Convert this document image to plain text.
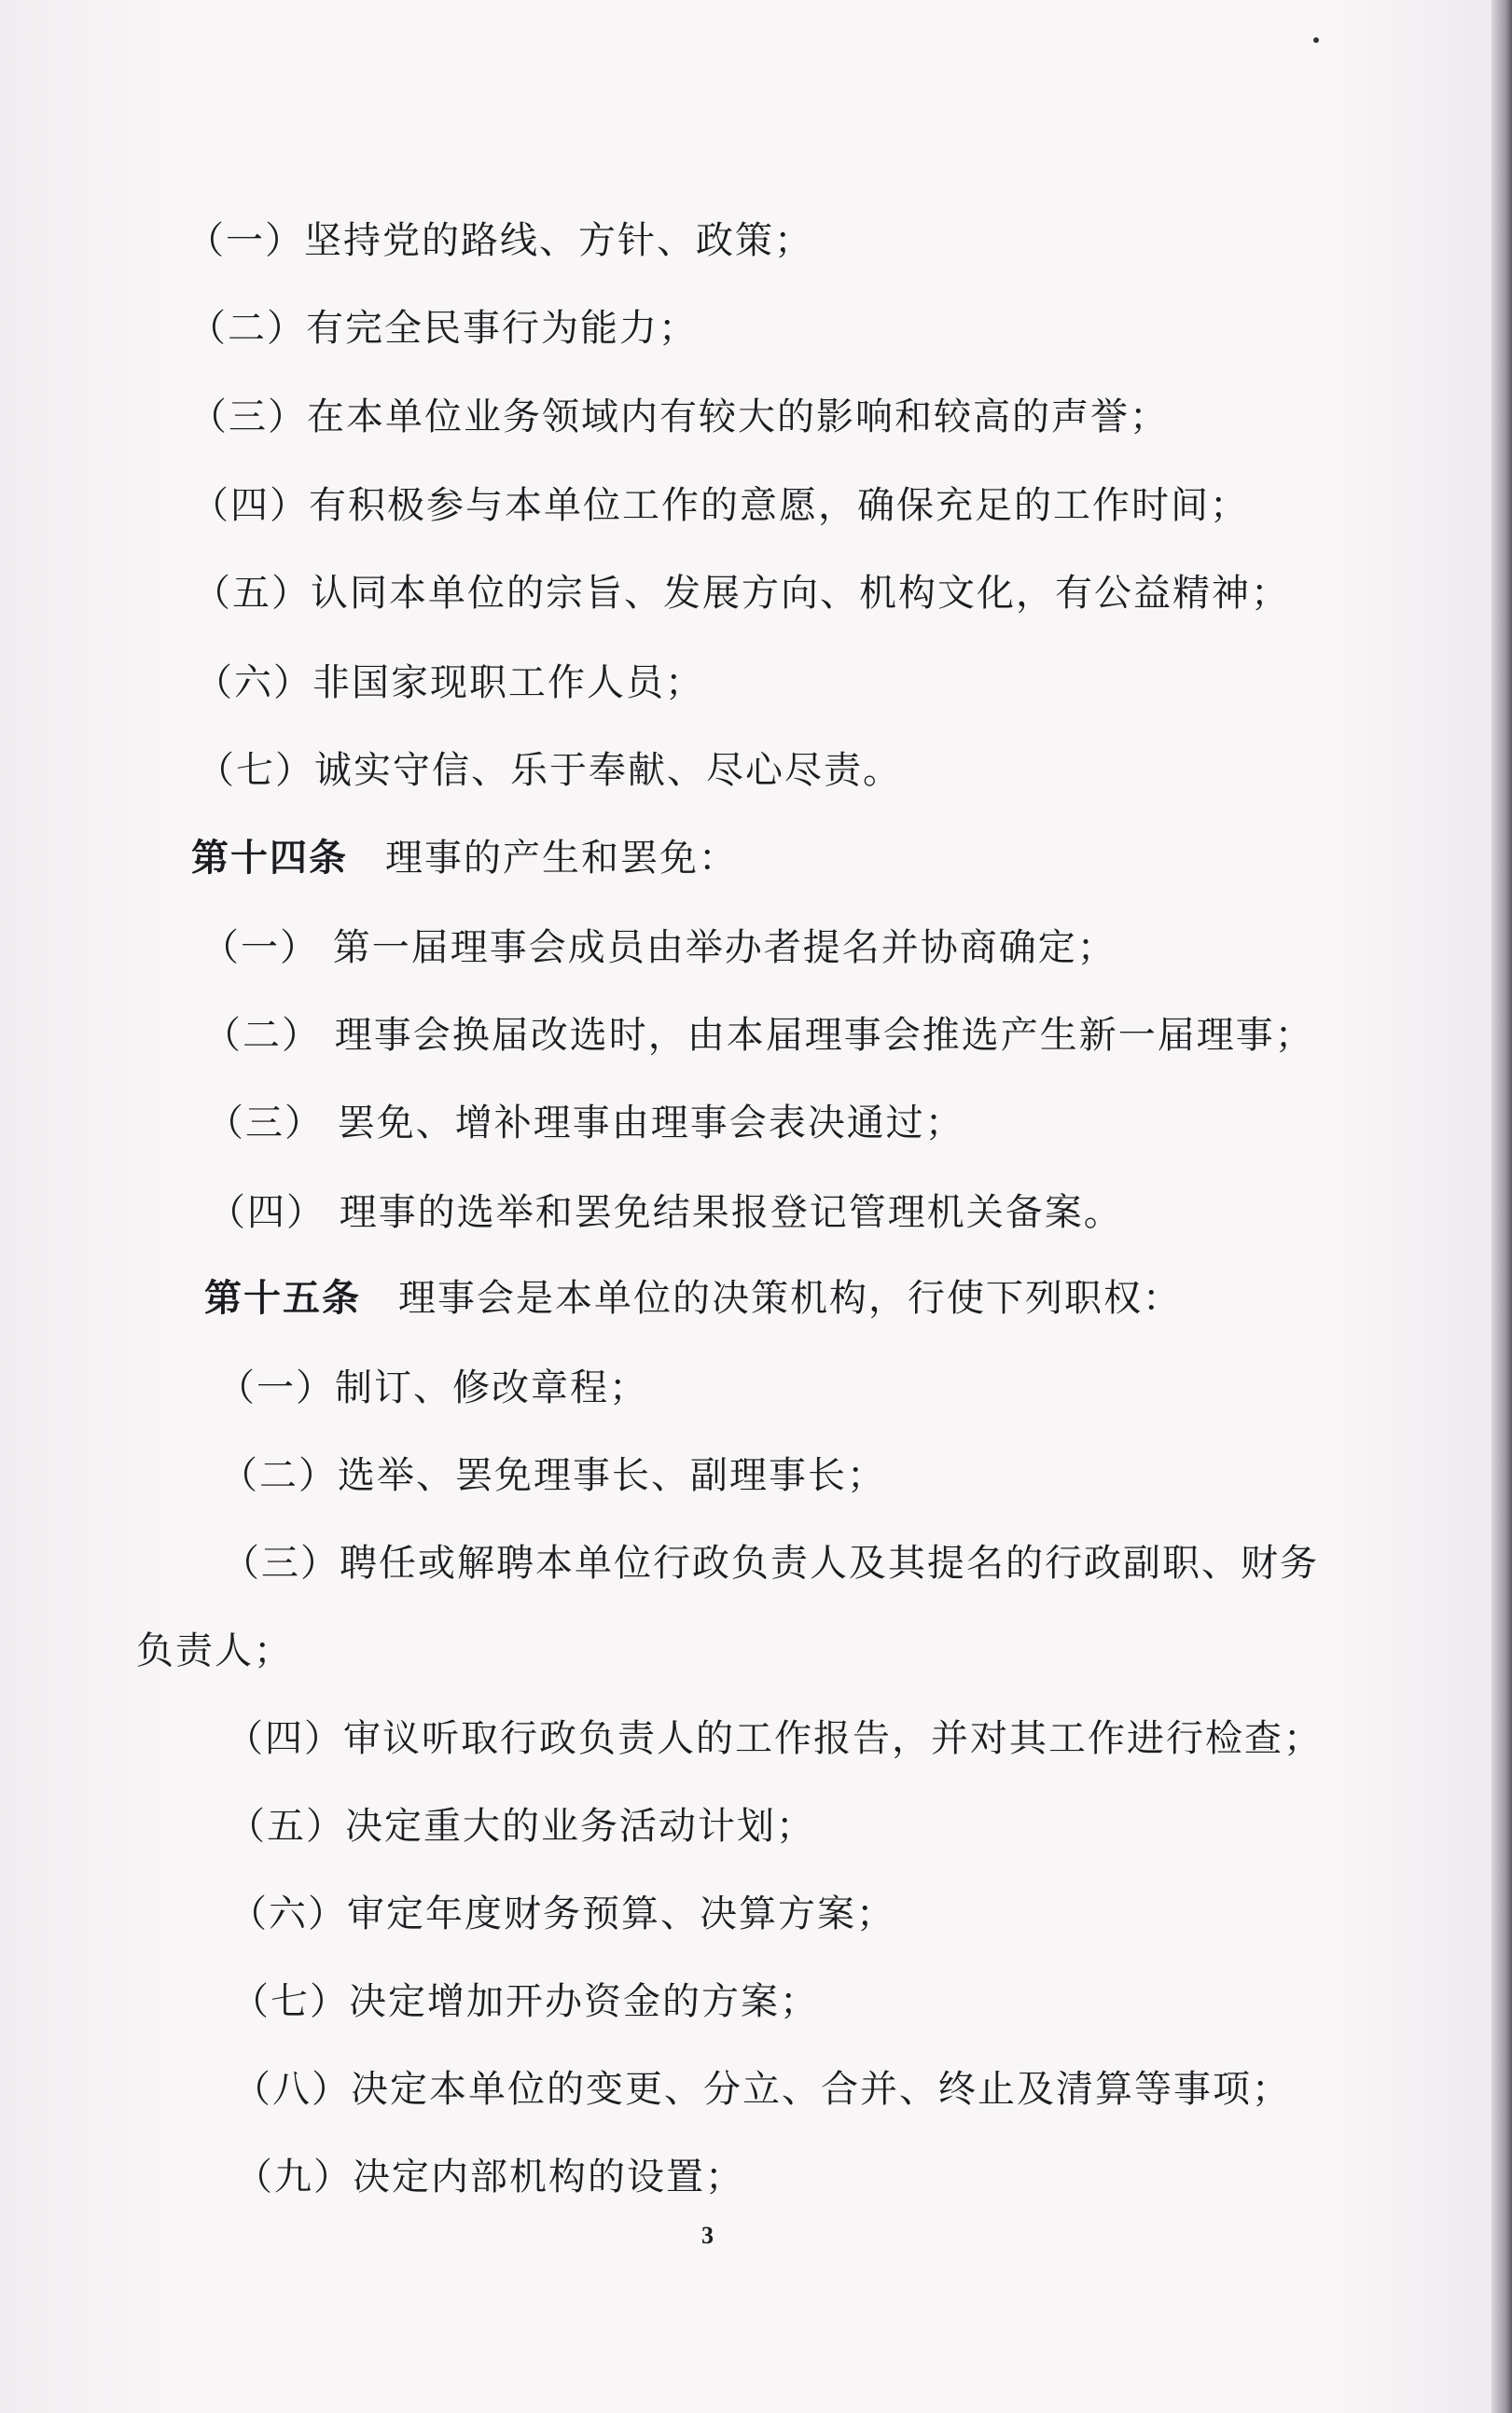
（一）坚持党的路线、方针、政策；
（二）有完全民事行为能力；
（三）在本单位业务领域内有较大的影响和较高的声誉；
（四）有积极参与本单位工作的意愿，确保充足的工作时间；
（五）认同本单位的宗旨、发展方向、机构文化，有公益精神；
（六）非国家现职工作人员；
（七）诚实守信、乐于奉献、尽心尽责。
第十四条 理事的产生和罢免：
（一） 第一届理事会成员由举办者提名并协商确定；
（二） 理事会换届改选时，由本届理事会推选产生新一届理事；
（三） 罢免、增补理事由理事会表决通过；
（四） 理事的选举和罢免结果报登记管理机关备案。
第十五条 理事会是本单位的决策机构，行使下列职权：
（一）制订、修改章程；
（二）选举、罢免理事长、副理事长；
（三）聘任或解聘本单位行政负责人及其提名的行政副职、财务
负责人；
（四）审议听取行政负责人的工作报告，并对其工作进行检查；
（五）决定重大的业务活动计划；
（六）审定年度财务预算、决算方案；
（七）决定增加开办资金的方案；
（八）决定本单位的变更、分立、合并、终止及清算等事项；
（九）决定内部机构的设置；
3
